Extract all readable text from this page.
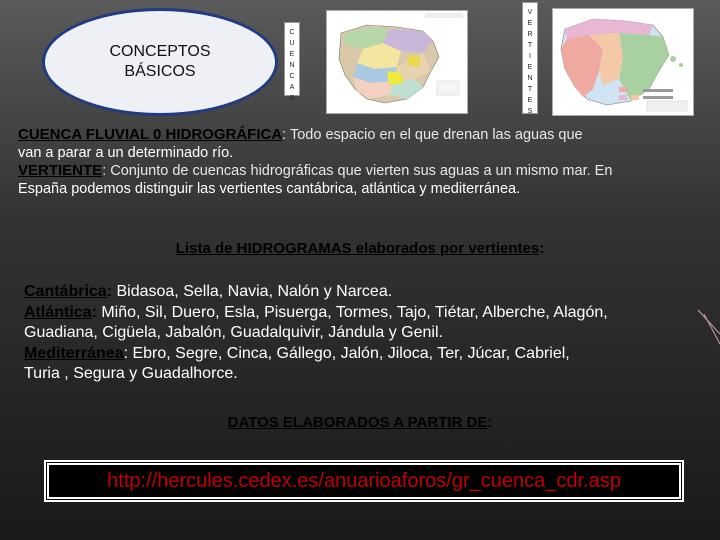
CONCEPTOS
BÁSICOS
C
U
E
N
C
A
S
V
E
R
T
I
E
N
T
E
S

CUENCA FLUVIAL 0 HIDROGRÁFICA: Todo espacio en el que drenan las aguas que

van a parar a un determinado río.

VERTIENTE: Conjunto de cuencas hidrográficas que vierten sus aguas a un mismo mar. En

España podemos distinguir las vertientes cantábrica, atlántica y mediterránea.

Lista de HIDROGRAMAS elaborados por vertientes:
Cantábrica: Bidasoa, Sella, Navia, Nalón y Narcea.
Atlántica: Miño, Sil, Duero, Esla, Pisuerga, Tormes, Tajo, Tiétar, Alberche, Alagón,
Guadiana, Cigüela, Jabalón, Guadalquivir, Jándula y Genil.
Mediterránea: Ebro, Segre, Cinca, Gállego, Jalón, Jiloca, Ter, Júcar, Cabriel,
Turia , Segura y Guadalhorce.
DATOS ELABORADOS A PARTIR DE:
http://hercules.cedex.es/anuarioaforos/gr_cuenca_cdr.asp
